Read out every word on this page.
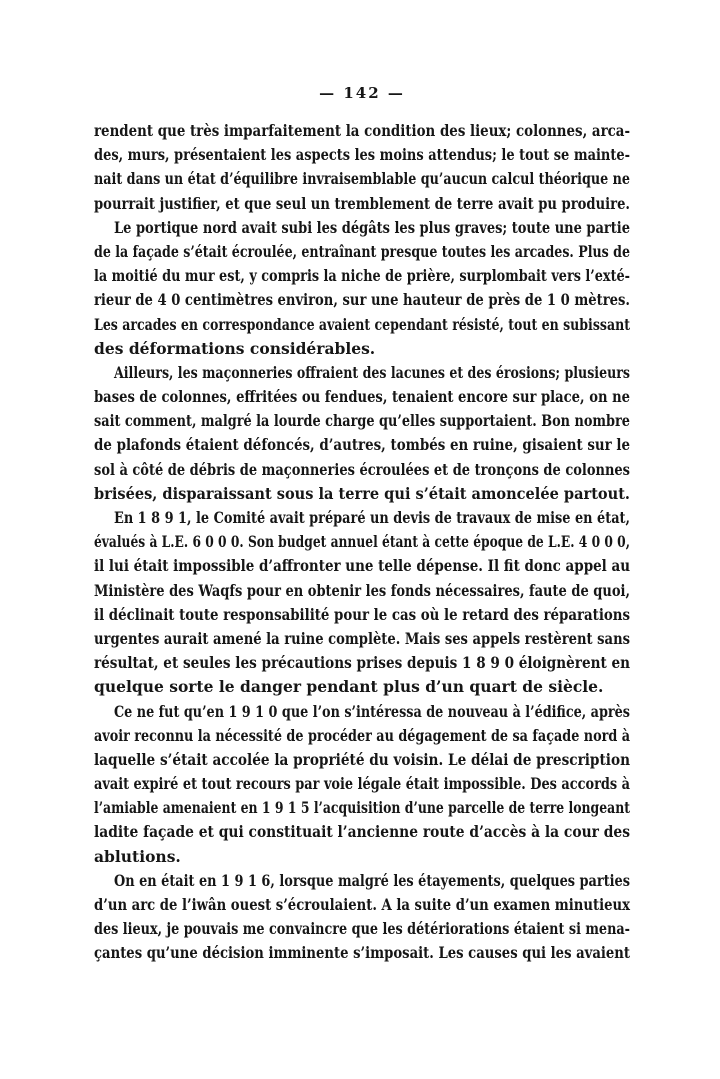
— 142 —
rendent que très imparfaitement la condition des lieux; colonnes, arca-
des, murs, présentaient les aspects les moins attendus; le tout se mainte-
nait dans un état d’équilibre invraisemblable qu’aucun calcul théorique ne
pourrait justifier, et que seul un tremblement de terre avait pu produire.
Le portique nord avait subi les dégâts les plus graves; toute une partie
de la façade s’était écroulée, entraînant presque toutes les arcades. Plus de
la moitié du mur est, y compris la niche de prière, surplombait vers l’exté-
rieur de 4 0 centimètres environ, sur une hauteur de près de 1 0 mètres.
Les arcades en correspondance avaient cependant résisté, tout en subissant
des déformations considérables.
Ailleurs, les maçonneries offraient des lacunes et des érosions; plusieurs
bases de colonnes, effritées ou fendues, tenaient encore sur place, on ne
sait comment, malgré la lourde charge qu’elles supportaient. Bon nombre
de plafonds étaient défoncés, d’autres, tombés en ruine, gisaient sur le
sol à côté de débris de maçonneries écroulées et de tronçons de colonnes
brisées, disparaissant sous la terre qui s’était amoncelée partout.
En 1 8 9 1, le Comité avait préparé un devis de travaux de mise en état,
évalués à L.E. 6 0 0 0. Son budget annuel étant à cette époque de L.E. 4 0 0 0,
il lui était impossible d’affronter une telle dépense. Il fit donc appel au
Ministère des Waqfs pour en obtenir les fonds nécessaires, faute de quoi,
il déclinait toute responsabilité pour le cas où le retard des réparations
urgentes aurait amené la ruine complète. Mais ses appels restèrent sans
résultat, et seules les précautions prises depuis 1 8 9 0 éloignèrent en
quelque sorte le danger pendant plus d’un quart de siècle.
Ce ne fut qu’en 1 9 1 0 que l’on s’intéressa de nouveau à l’édifice, après
avoir reconnu la nécessité de procéder au dégagement de sa façade nord à
laquelle s’était accolée la propriété du voisin. Le délai de prescription
avait expiré et tout recours par voie légale était impossible. Des accords à
l’amiable amenaient en 1 9 1 5 l’acquisition d’une parcelle de terre longeant
ladite façade et qui constituait l’ancienne route d’accès à la cour des
ablutions.
On en était en 1 9 1 6, lorsque malgré les étayements, quelques parties
d’un arc de l’iwân ouest s’écroulaient. A la suite d’un examen minutieux
des lieux, je pouvais me convaincre que les détériorations étaient si mena-
çantes qu’une décision imminente s’imposait. Les causes qui les avaient
